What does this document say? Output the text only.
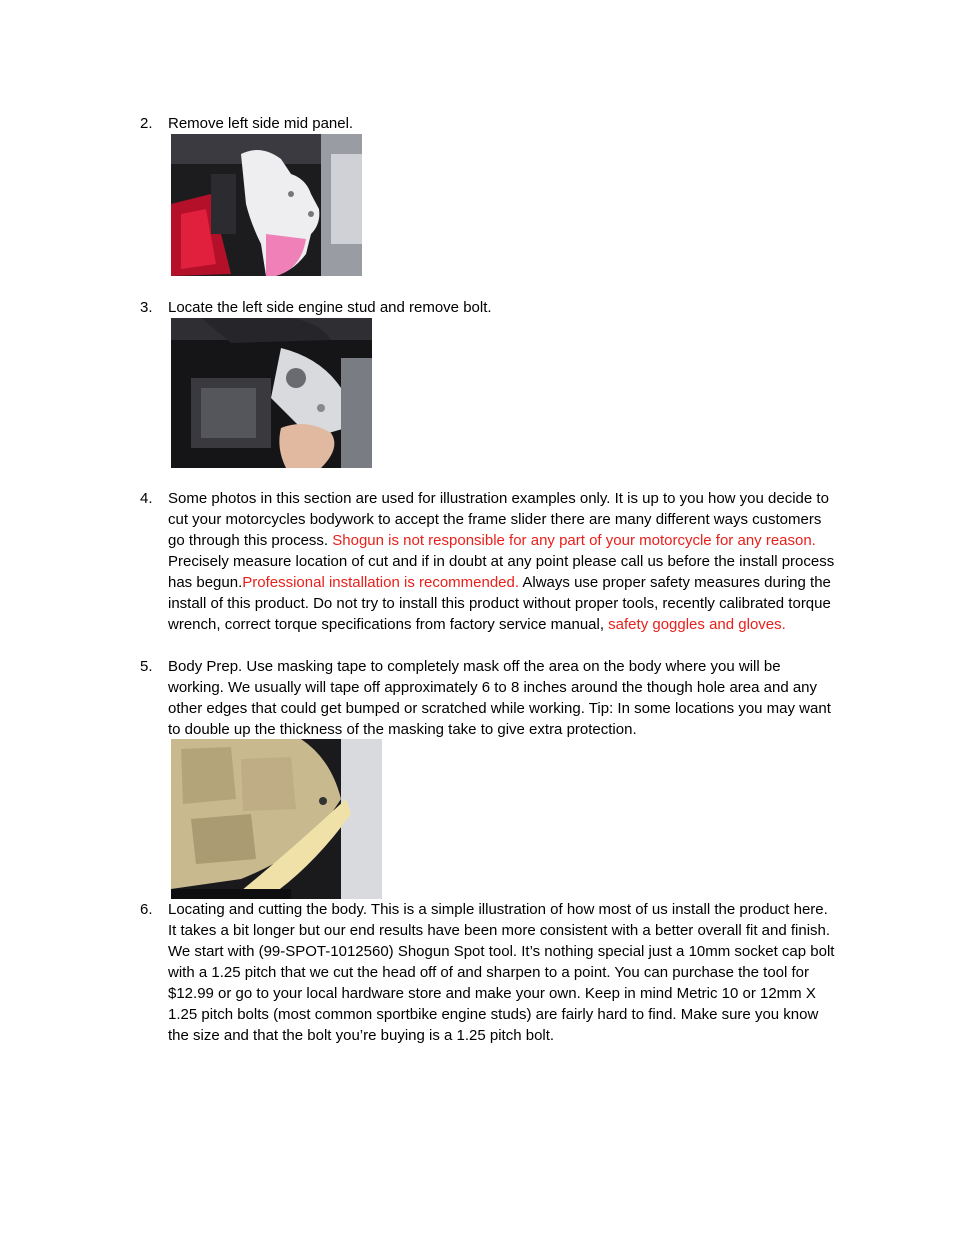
2.	Remove left side mid panel.
3.	Locate the left side engine stud and remove bolt.
4.	Some photos in this section are used for illustration examples only. It is up to you how you decide to cut your motorcycles bodywork to accept the frame slider there are many different ways customers go through this process. Shogun is not responsible for any part of your motorcycle for any reason. Precisely measure location of cut and if in doubt at any point please call us before the install process has begun.Professional installation is recommended. Always use proper safety measures during the install of this product. Do not try to install this product without proper tools, recently calibrated torque wrench, correct torque specifications from factory service manual, safety goggles and gloves.
5.	Body Prep. Use masking tape to completely mask off the area on the body where you will be working. We usually will tape off approximately 6 to 8 inches around the though hole area and any other edges that could get bumped or scratched while working. Tip: In some locations you may want to double up the thickness of the masking take to give extra protection.
6.	Locating and cutting the body. This is a simple illustration of how most of us install the product here. It takes a bit longer but our end results have been more consistent with a better overall fit and finish. We start with (99-SPOT-1012560) Shogun Spot tool. It’s nothing special just a 10mm socket cap bolt with a 1.25 pitch that we cut the head off of and sharpen to a point. You can purchase the tool for $12.99 or go to your local hardware store and make your own. Keep in mind Metric 10 or 12mm X 1.25 pitch bolts (most common sportbike engine studs) are fairly hard to find. Make sure you know the size and that the bolt you’re buying is a 1.25 pitch bolt.
